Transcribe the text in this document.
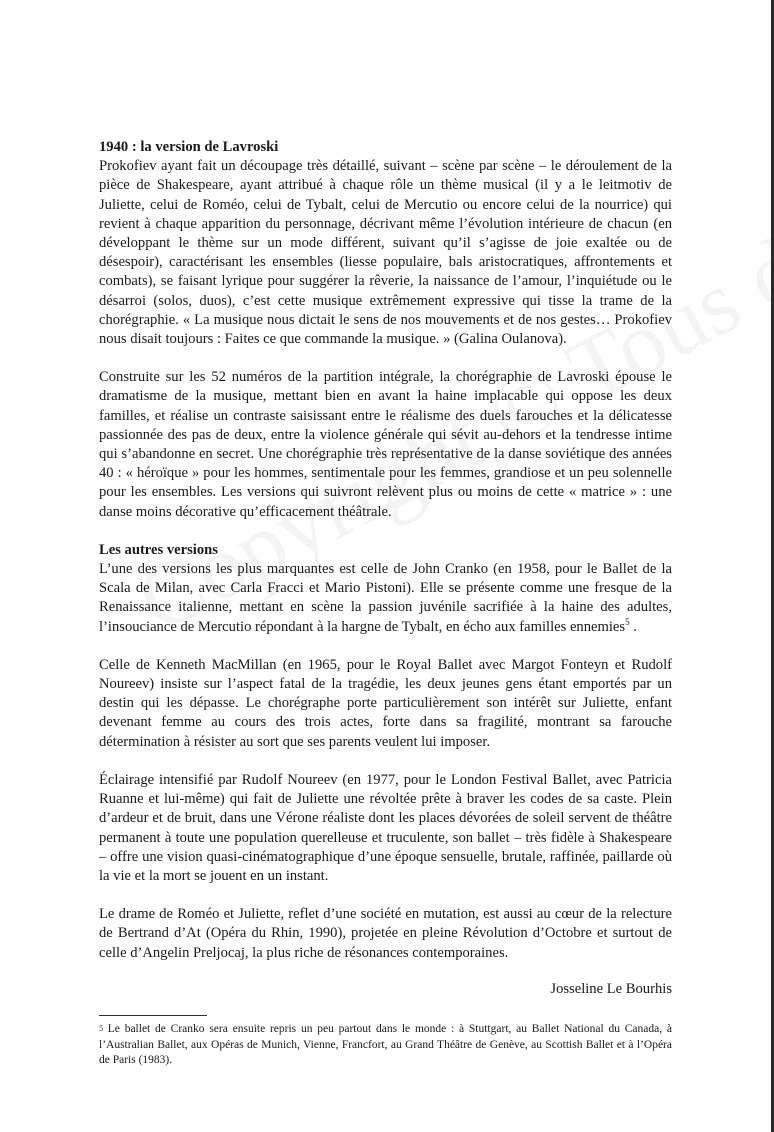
1940 : la version de Lavroski

Prokofiev ayant fait un découpage très détaillé, suivant – scène par scène – le déroulement de la pièce de Shakespeare, ayant attribué à chaque rôle un thème musical (il y a le leitmotiv de Juliette, celui de Roméo, celui de Tybalt, celui de Mercutio ou encore celui de la nourrice) qui revient à chaque apparition du personnage, décrivant même l’évolution intérieure de chacun (en développant le thème sur un mode différent, suivant qu’il s’agisse de joie exaltée ou de désespoir), caractérisant les ensembles (liesse populaire, bals aristocratiques, affrontements et combats), se faisant lyrique pour suggérer la rêverie, la naissance de l’amour, l’inquiétude ou le désarroi (solos, duos), c’est cette musique extrêmement expressive qui tisse la trame de la chorégraphie. « La musique nous dictait le sens de nos mouvements et de nos gestes… Prokofiev nous disait toujours : Faites ce que commande la musique. » (Galina Oulanova).

Construite sur les 52 numéros de la partition intégrale, la chorégraphie de Lavroski épouse le dramatisme de la musique, mettant bien en avant la haine implacable qui oppose les deux familles, et réalise un contraste saisissant entre le réalisme des duels farouches et la délicatesse passionnée des pas de deux, entre la violence générale qui sévit au-dehors et la tendresse intime qui s’abandonne en secret. Une chorégraphie très représentative de la danse soviétique des années 40 : « héroïque » pour les hommes, sentimentale pour les femmes, grandiose et un peu solennelle pour les ensembles. Les versions qui suivront relèvent plus ou moins de cette « matrice » : une danse moins décorative qu’efficacement théâtrale.

Les autres versions

L’une des versions les plus marquantes est celle de John Cranko (en 1958, pour le Ballet de la Scala de Milan, avec Carla Fracci et Mario Pistoni). Elle se présente comme une fresque de la Renaissance italienne, mettant en scène la passion juvénile sacrifiée à la haine des adultes, l’insouciance de Mercutio répondant à la hargne de Tybalt, en écho aux familles ennemies$^5$ .

Celle de Kenneth MacMillan (en 1965, pour le Royal Ballet avec Margot Fonteyn et Rudolf Noureev) insiste sur l’aspect fatal de la tragédie, les deux jeunes gens étant emportés par un destin qui les dépasse. Le chorégraphe porte particulièrement son intérêt sur Juliette, enfant devenant femme au cours des trois actes, forte dans sa fragilité, montrant sa farouche détermination à résister au sort que ses parents veulent lui imposer.

Éclairage intensifié par Rudolf Noureev (en 1977, pour le London Festival Ballet, avec Patricia Ruanne et lui-même) qui fait de Juliette une révoltée prête à braver les codes de sa caste. Plein d’ardeur et de bruit, dans une Vérone réaliste dont les places dévorées de soleil servent de théâtre permanent à toute une population querelleuse et truculente, son ballet – très fidèle à Shakespeare – offre une vision quasi-cinématographique d’une époque sensuelle, brutale, raffinée, paillarde où la vie et la mort se jouent en un instant.

Le drame de Roméo et Juliette, reflet d’une société en mutation, est aussi au cœur de la relecture de Bertrand d’At (Opéra du Rhin, 1990), projetée en pleine Révolution d’Octobre et surtout de celle d’Angelin Preljocaj, la plus riche de résonances contemporaines.

Josseline Le Bourhis

$^5$ Le ballet de Cranko sera ensuite repris un peu partout dans le monde : à Stuttgart, au Ballet National du Canada, à l’Australian Ballet, aux Opéras de Munich, Vienne, Francfort, au Grand Théâtre de Genève, au Scottish Ballet et à l’Opéra de Paris (1983).
